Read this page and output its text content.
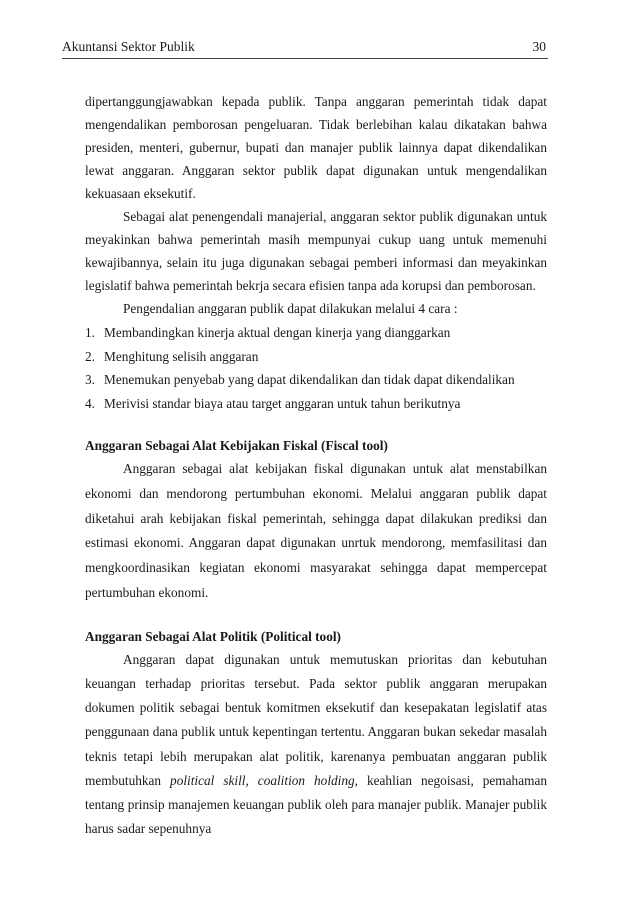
Akuntansi Sektor Publik	30

dipertanggungjawabkan kepada publik. Tanpa anggaran pemerintah tidak dapat mengendalikan pemborosan pengeluaran. Tidak berlebihan kalau dikatakan bahwa presiden, menteri, gubernur, bupati dan manajer publik lainnya dapat dikendalikan lewat anggaran. Anggaran sektor publik dapat digunakan untuk mengendalikan kekuasaan eksekutif.

Sebagai alat penengendali manajerial, anggaran sektor publik digunakan untuk meyakinkan bahwa pemerintah masih mempunyai cukup uang untuk memenuhi kewajibannya, selain itu juga digunakan sebagai pemberi informasi dan meyakinkan legislatif bahwa pemerintah bekrja secara efisien tanpa ada korupsi dan pemborosan.

Pengendalian anggaran publik dapat dilakukan melalui 4 cara :

1. Membandingkan kinerja aktual dengan kinerja yang dianggarkan
2. Menghitung selisih anggaran
3. Menemukan penyebab yang dapat dikendalikan dan tidak dapat dikendalikan
4. Merivisi standar biaya atau target anggaran untuk tahun berikutnya

Anggaran Sebagai Alat Kebijakan Fiskal (Fiscal tool)

Anggaran sebagai alat kebijakan fiskal digunakan untuk alat menstabilkan ekonomi dan mendorong pertumbuhan ekonomi. Melalui anggaran publik dapat diketahui arah kebijakan fiskal pemerintah, sehingga dapat dilakukan prediksi dan estimasi ekonomi. Anggaran dapat digunakan unrtuk mendorong, memfasilitasi dan mengkoordinasikan kegiatan ekonomi masyarakat sehingga dapat mempercepat pertumbuhan ekonomi.

Anggaran Sebagai Alat Politik (Political tool)

Anggaran dapat digunakan untuk memutuskan prioritas dan kebutuhan keuangan terhadap prioritas tersebut. Pada sektor publik anggaran merupakan dokumen politik sebagai bentuk komitmen eksekutif dan kesepakatan legislatif atas penggunaan dana publik untuk kepentingan tertentu. Anggaran bukan sekedar masalah teknis tetapi lebih merupakan alat politik, karenanya pembuatan anggaran publik membutuhkan political skill, coalition holding, keahlian negoisasi, pemahaman tentang prinsip manajemen keuangan publik oleh para manajer publik. Manajer publik harus sadar sepenuhnya
